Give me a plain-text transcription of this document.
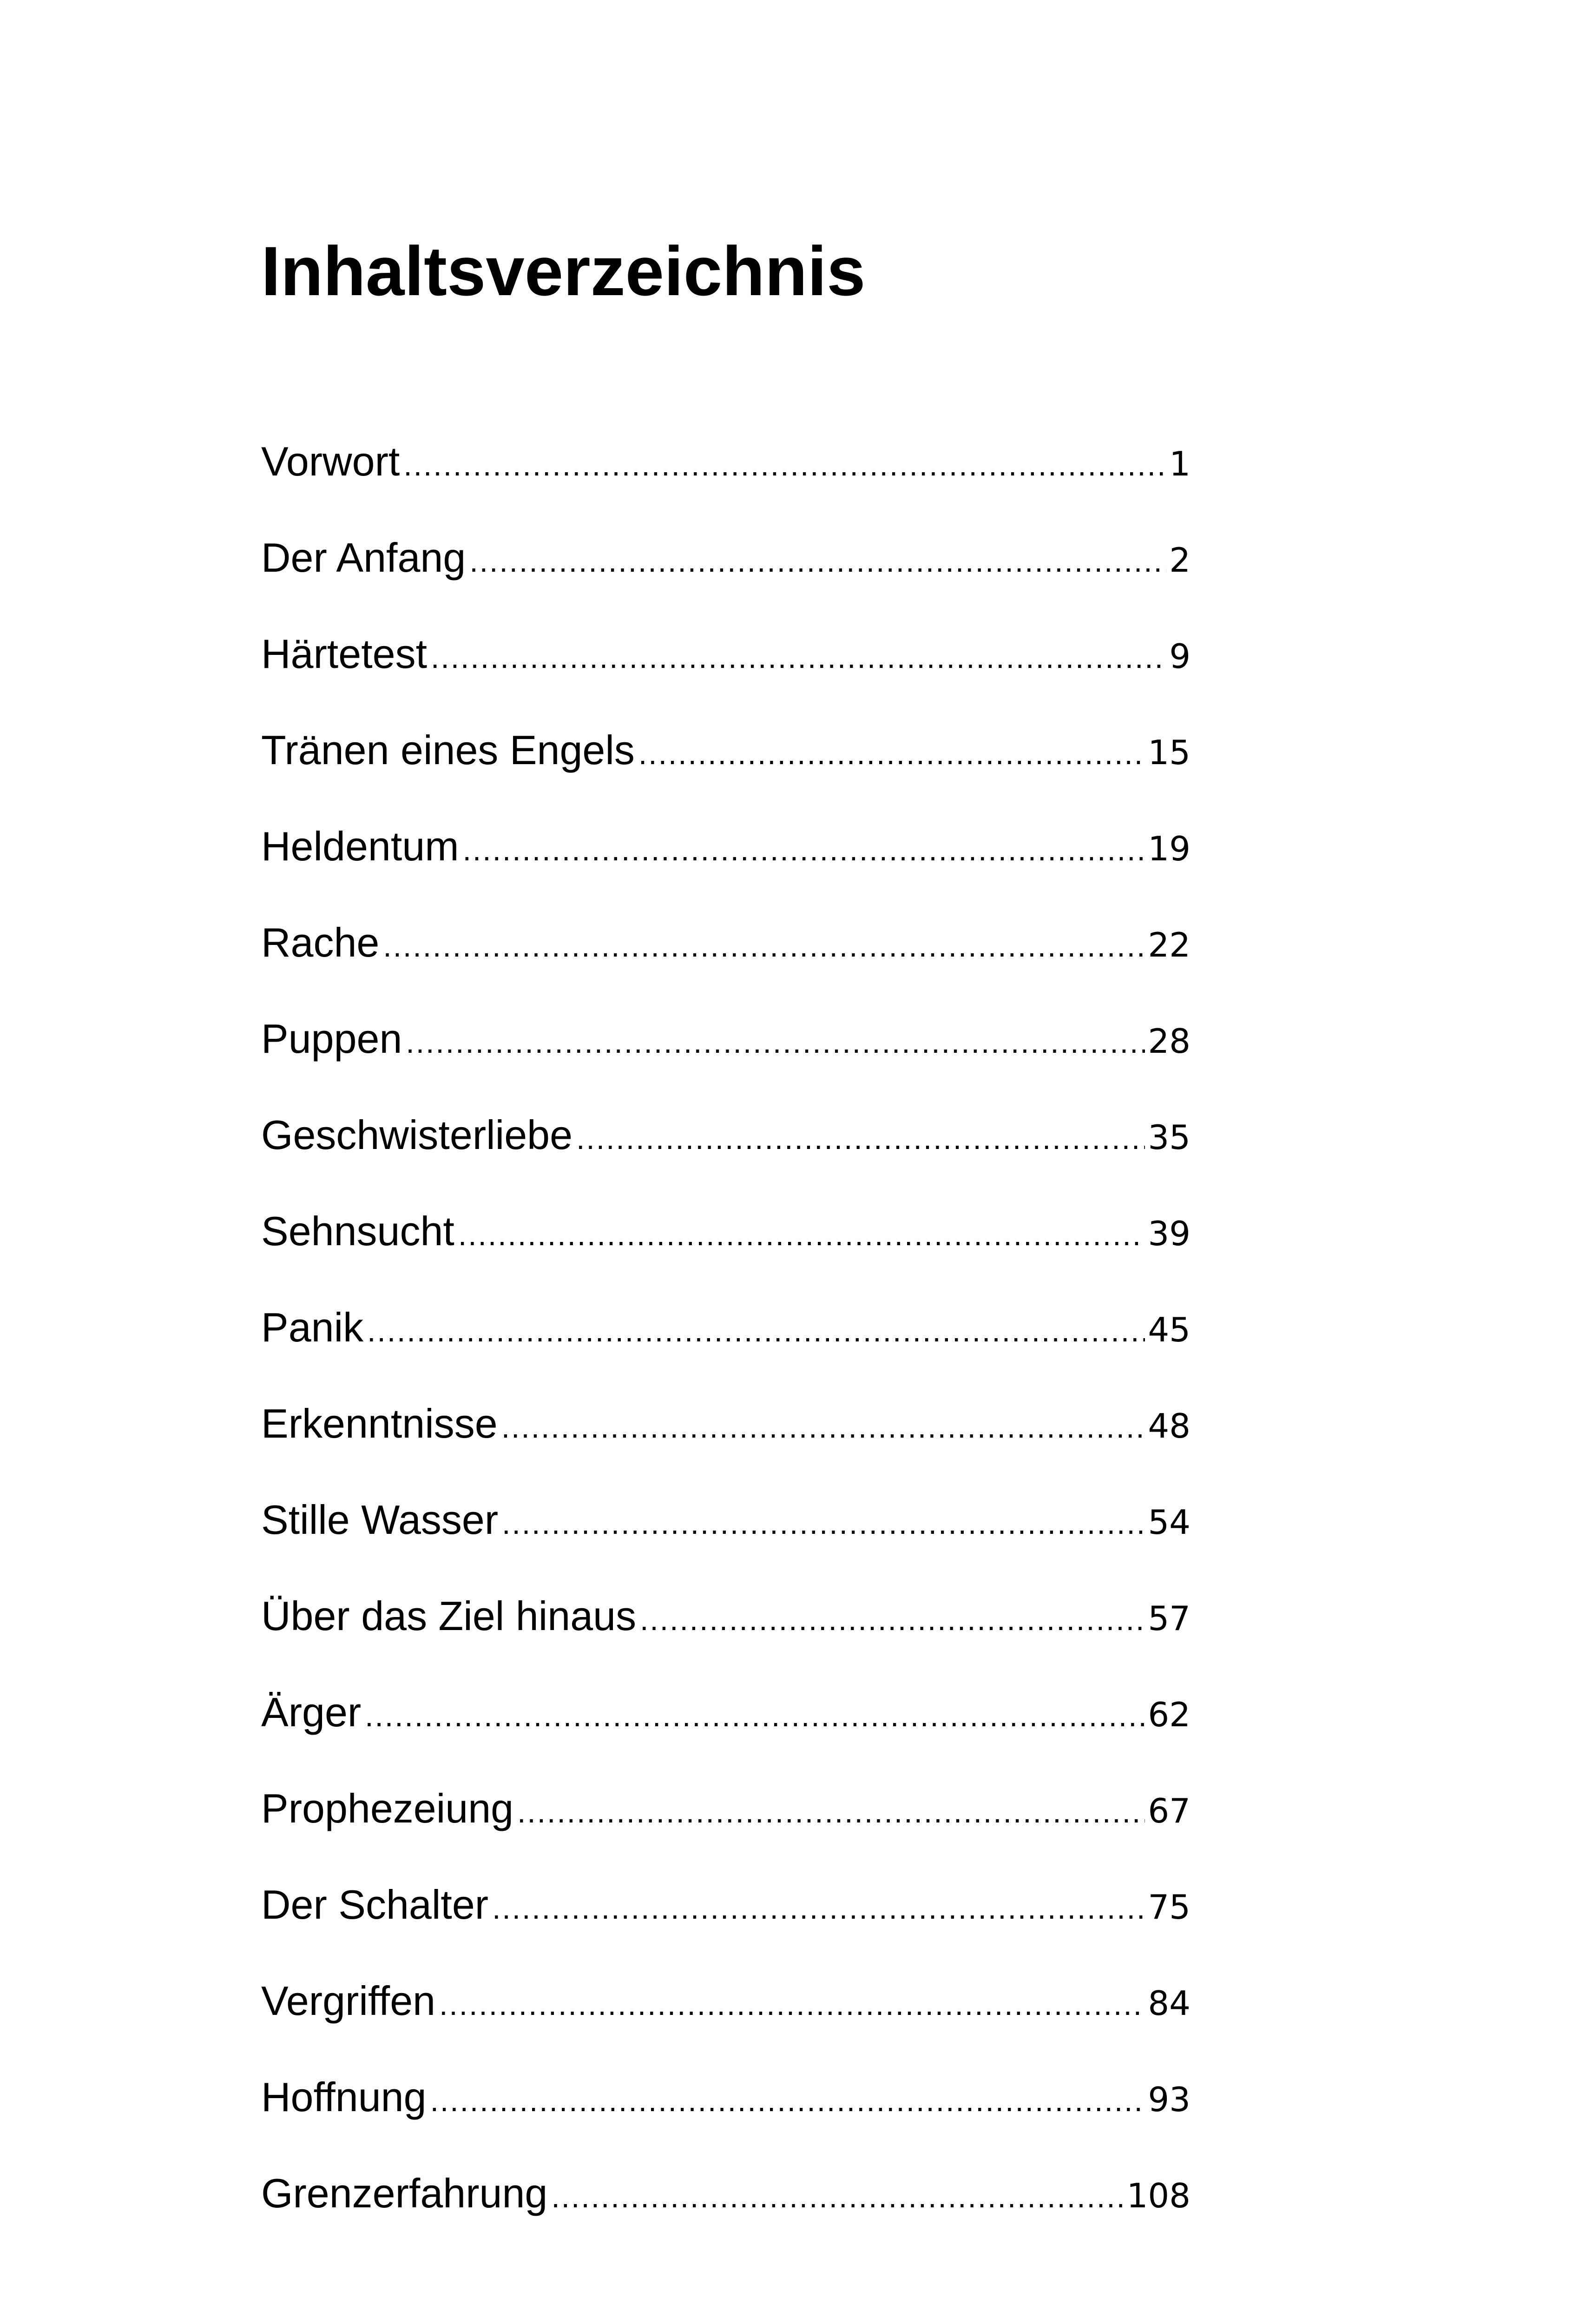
Inhaltsverzeichnis
Vorwort .....	1
Der Anfang .....	2
Härtetest .....	9
Tränen eines Engels .....	15
Heldentum .....	19
Rache .....	22
Puppen .....	28
Geschwisterliebe .....	35
Sehnsucht .....	39
Panik .....	45
Erkenntnisse .....	48
Stille Wasser .....	54
Über das Ziel hinaus .....	57
Ärger .....	62
Prophezeiung .....	67
Der Schalter .....	75
Vergriffen .....	84
Hoffnung .....	93
Grenzerfahrung .....	108
